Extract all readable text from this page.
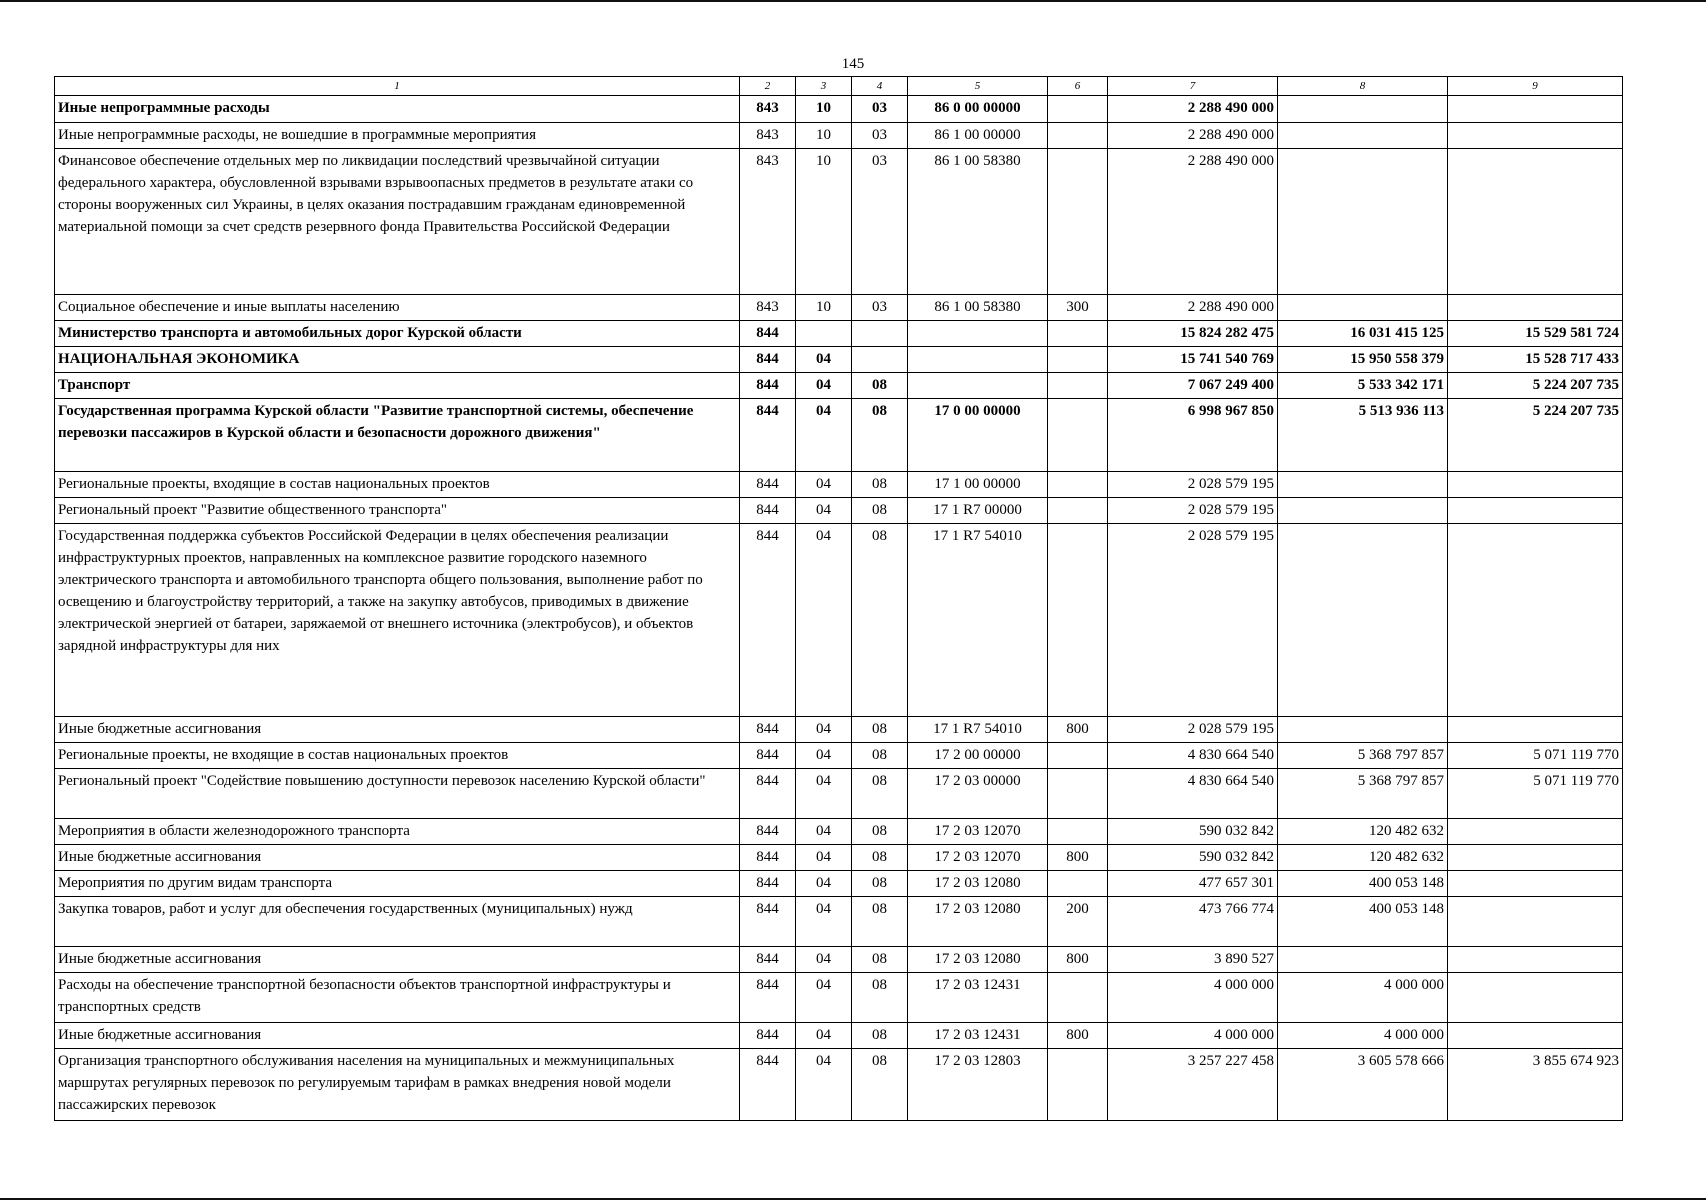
145
1	2	3	4	5	6	7	8	9
Иные непрограммные расходы	843	10	03	86 0 00 00000		2 288 490 000		
Иные непрограммные расходы, не вошедшие в программные мероприятия	843	10	03	86 1 00 00000		2 288 490 000		
Финансовое обеспечение отдельных мер по ликвидации последствий чрезвычайной ситуации федерального характера, обусловленной взрывами взрывоопасных предметов в результате атаки со стороны вооруженных сил Украины, в целях оказания пострадавшим гражданам единовременной материальной помощи за счет средств резервного фонда Правительства Российской Федерации	843	10	03	86 1 00 58380		2 288 490 000		
Социальное обеспечение и иные выплаты населению	843	10	03	86 1 00 58380	300	2 288 490 000		
Министерство транспорта и автомобильных дорог Курской области	844					15 824 282 475	16 031 415 125	15 529 581 724
НАЦИОНАЛЬНАЯ ЭКОНОМИКА	844	04				15 741 540 769	15 950 558 379	15 528 717 433
Транспорт	844	04	08			7 067 249 400	5 533 342 171	5 224 207 735
Государственная программа Курской области "Развитие транспортной системы, обеспечение перевозки пассажиров в Курской области и безопасности дорожного движения"	844	04	08	17 0 00 00000		6 998 967 850	5 513 936 113	5 224 207 735
Региональные проекты, входящие в состав национальных проектов	844	04	08	17 1 00 00000		2 028 579 195		
Региональный проект "Развитие общественного транспорта"	844	04	08	17 1 R7 00000		2 028 579 195		
Государственная поддержка субъектов Российской Федерации в целях обеспечения реализации инфраструктурных проектов, направленных на комплексное развитие городского наземного электрического транспорта и автомобильного транспорта общего пользования, выполнение работ по освещению и благоустройству территорий, а также на закупку автобусов, приводимых в движение электрической энергией от батареи, заряжаемой от внешнего источника (электробусов), и объектов зарядной инфраструктуры для них	844	04	08	17 1 R7 54010		2 028 579 195		
Иные бюджетные ассигнования	844	04	08	17 1 R7 54010	800	2 028 579 195		
Региональные проекты, не входящие в состав национальных проектов	844	04	08	17 2 00 00000		4 830 664 540	5 368 797 857	5 071 119 770
Региональный проект "Содействие повышению доступности перевозок населению Курской области"	844	04	08	17 2 03 00000		4 830 664 540	5 368 797 857	5 071 119 770
Мероприятия в области железнодорожного транспорта	844	04	08	17 2 03 12070		590 032 842	120 482 632	
Иные бюджетные ассигнования	844	04	08	17 2 03 12070	800	590 032 842	120 482 632	
Мероприятия по другим видам транспорта	844	04	08	17 2 03 12080		477 657 301	400 053 148	
Закупка товаров, работ и услуг для обеспечения государственных (муниципальных) нужд	844	04	08	17 2 03 12080	200	473 766 774	400 053 148	
Иные бюджетные ассигнования	844	04	08	17 2 03 12080	800	3 890 527		
Расходы на обеспечение транспортной безопасности объектов транспортной инфраструктуры и транспортных средств	844	04	08	17 2 03 12431		4 000 000	4 000 000	
Иные бюджетные ассигнования	844	04	08	17 2 03 12431	800	4 000 000	4 000 000	
Организация транспортного обслуживания населения на муниципальных и межмуниципальных маршрутах регулярных перевозок по регулируемым тарифам в рамках внедрения новой модели пассажирских перевозок	844	04	08	17 2 03 12803		3 257 227 458	3 605 578 666	3 855 674 923
